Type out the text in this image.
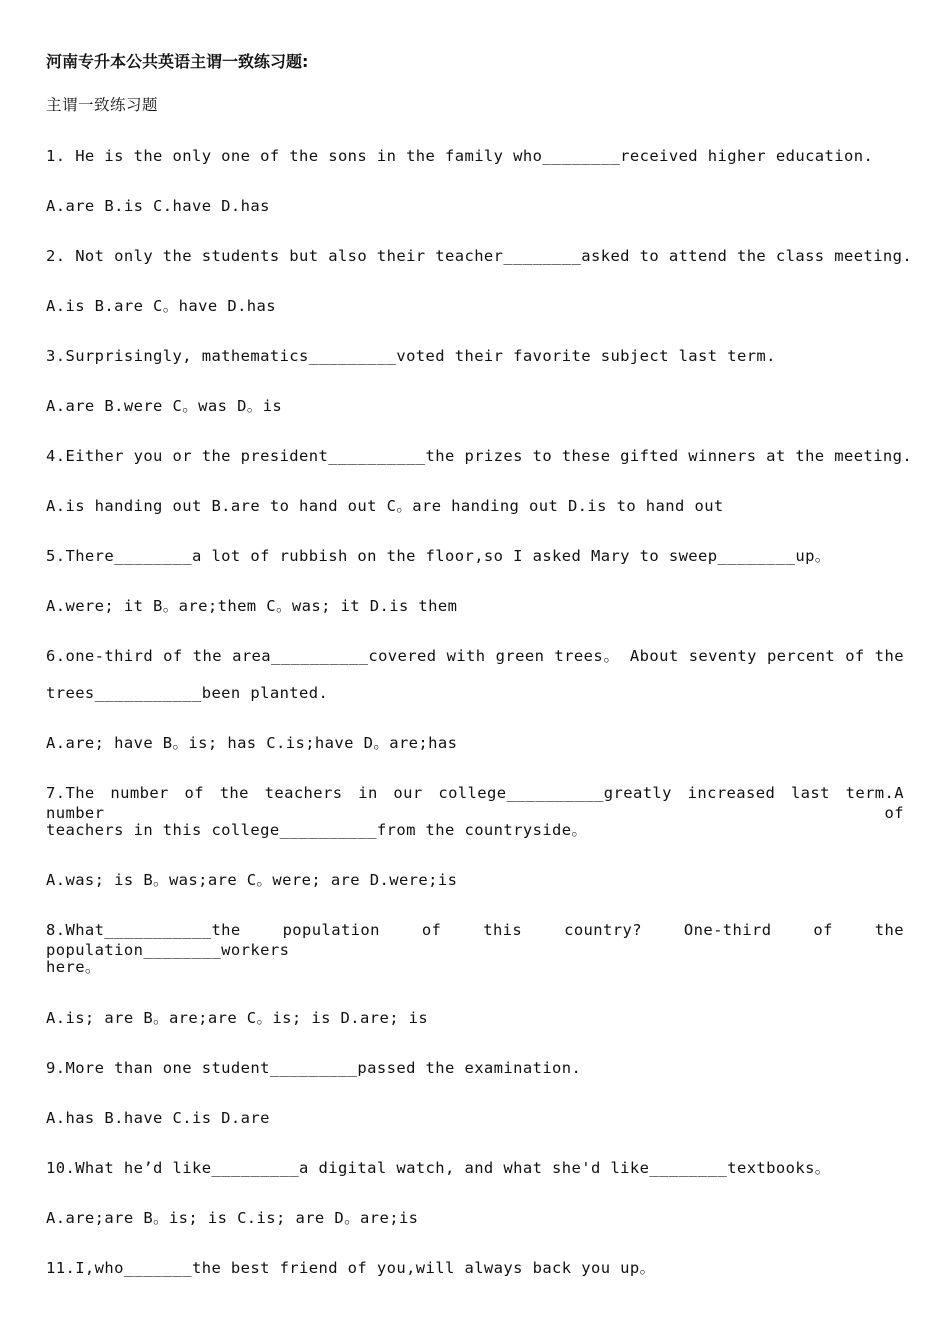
河南专升本公共英语主谓一致练习题:
主谓一致练习题
1. He is the only one of the sons in the family who________received higher education.
A.are B.is C.have D.has
2. Not only the students but also their teacher________asked to attend the class meeting.
A.is B.are C。have D.has
3.Surprisingly, mathematics_________voted their favorite subject last term.
A.are B.were C。was D。is
4.Either you or the president__________the prizes to these gifted winners at the meeting.
A.is handing out B.are to hand out C。are handing out D.is to hand out
5.There________a lot of rubbish on the floor,so I asked Mary to sweep________up。
A.were; it B。are;them C。was; it D.is them
6.one-third of the area__________covered with green trees。 About seventy percent of the
trees___________been planted.
A.are; have B。is; has C.is;have D。are;has
7.The number of the teachers in our college__________greatly increased last term.A number of
teachers in this college__________from the countryside。
A.was; is B。was;are C。were; are D.were;is
8.What___________the population of this country? One-third of the population________workers
here。
A.is; are B。are;are C。is; is D.are; is
9.More than one student_________passed the examination.
A.has B.have C.is D.are
10.What he’d like_________a digital watch, and what she'd like________textbooks。
A.are;are B。is; is C.is; are D。are;is
11.I,who_______the best friend of you,will always back you up。
